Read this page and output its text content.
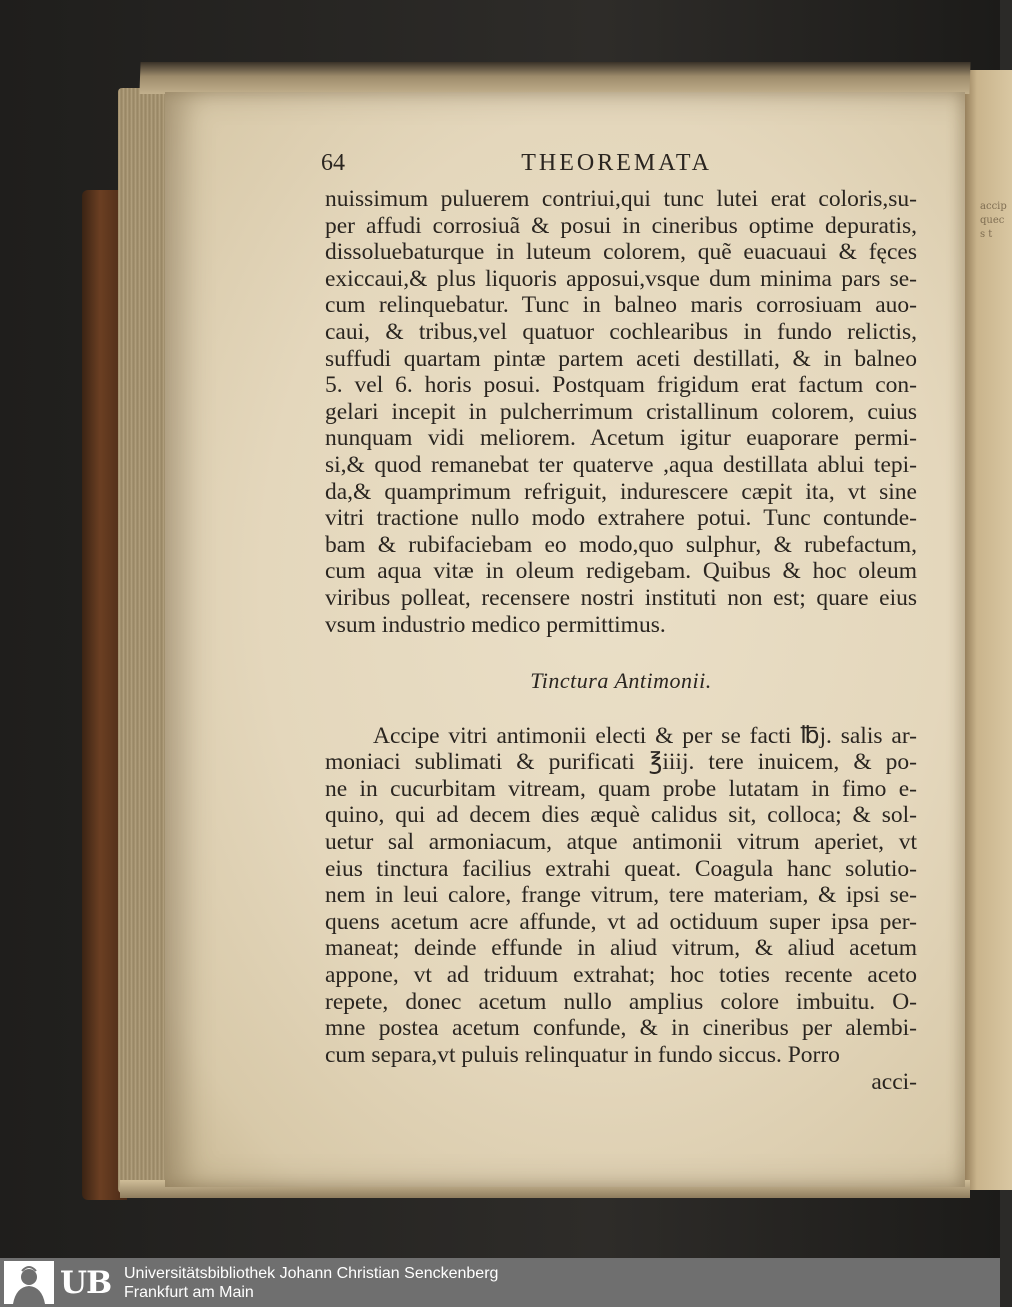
accip quec s t
64	THEOREMATA
nuissimum puluerem contriui,qui tunc lutei erat coloris,su-
per affudi corrosiuã & posui in cineribus optime depuratis,
dissoluebaturque in luteum colorem, quẽ euacuaui & fęces
exiccaui,& plus liquoris apposui,vsque dum minima pars se-
cum relinquebatur. Tunc in balneo maris corrosiuam auo-
caui, & tribus,vel quatuor cochlearibus in fundo relictis,
suffudi quartam pintæ partem aceti destillati, & in balneo
5. vel 6. horis posui. Postquam frigidum erat factum con-
gelari incepit in pulcherrimum cristallinum colorem, cuius
nunquam vidi meliorem. Acetum igitur euaporare permi-
si,& quod remanebat ter quaterve ,aqua destillata ablui tepi-
da,& quamprimum refriguit, indurescere cæpit ita, vt sine
vitri tractione nullo modo extrahere potui. Tunc contunde-
bam & rubifaciebam eo modo,quo sulphur, & rubefactum,
cum aqua vitæ in oleum redigebam. Quibus & hoc oleum
viribus polleat, recensere nostri instituti non est; quare eius
vsum industrio medico permittimus.
Tinctura Antimonii.
Accipe vitri antimonii electi & per se facti ℔j. salis ar-
moniaci sublimati & purificati ℥iiij. tere inuicem, & po-
ne in cucurbitam vitream, quam probe lutatam in fimo e-
quino, qui ad decem dies æquè calidus sit, colloca; & sol-
uetur sal armoniacum, atque antimonii vitrum aperiet, vt
eius tinctura facilius extrahi queat. Coagula hanc solutio-
nem in leui calore, frange vitrum, tere materiam, & ipsi se-
quens acetum acre affunde, vt ad octiduum super ipsa per-
maneat; deinde effunde in aliud vitrum, & aliud acetum
appone, vt ad triduum extrahat; hoc toties recente aceto
repete, donec acetum nullo amplius colore imbuitu. O-
mne postea acetum confunde, & in cineribus per alembi-
cum separa,vt puluis relinquatur in fundo siccus. Porro
acci-
UB Universitätsbibliothek Johann Christian Senckenberg
Frankfurt am Main
